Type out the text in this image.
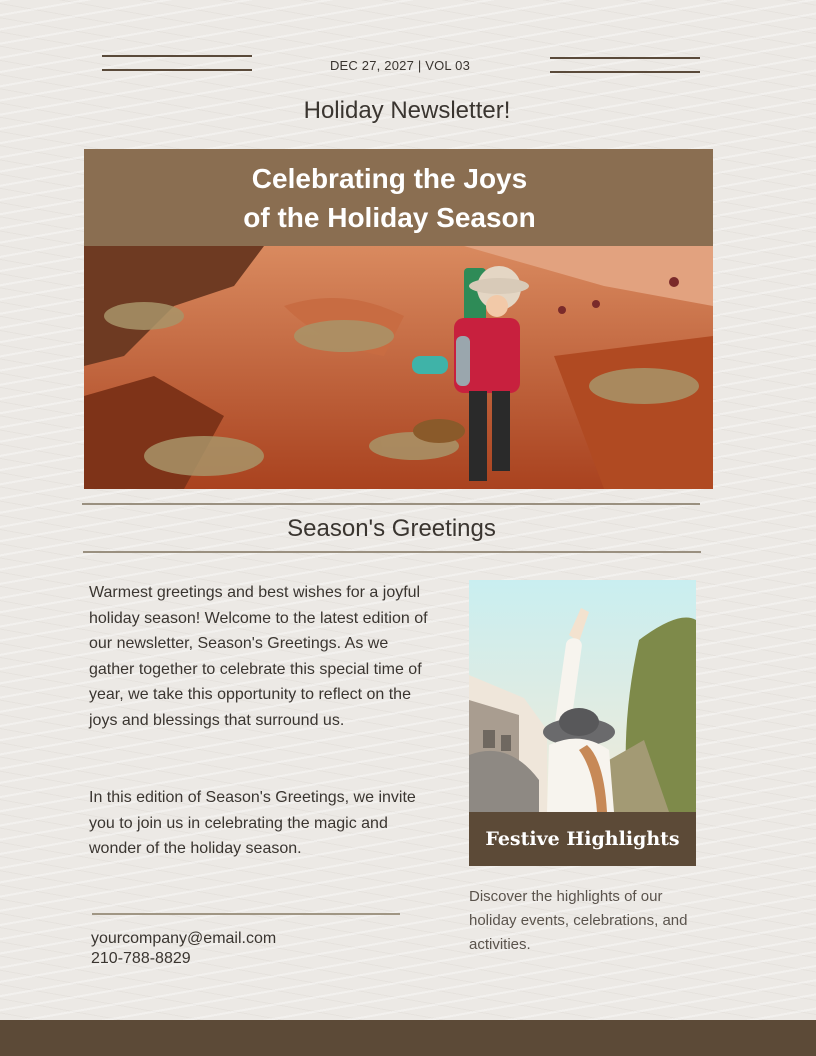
DEC 27, 2027 | VOL 03
Holiday Newsletter!
Celebrating the Joys
of the Holiday Season
Season's Greetings

Warmest greetings and best wishes for a joyful holiday season! Welcome to the latest edition of our newsletter, Season's Greetings. As we gather together to celebrate this special time of year, we take this opportunity to reflect on the joys and blessings that surround us.

In this edition of Season's Greetings, we invite you to join us in celebrating the magic and wonder of the holiday season.

yourcompany@email.com
210-788-8829
Festive Highlights

Discover the highlights of our holiday events, celebrations, and activities.
